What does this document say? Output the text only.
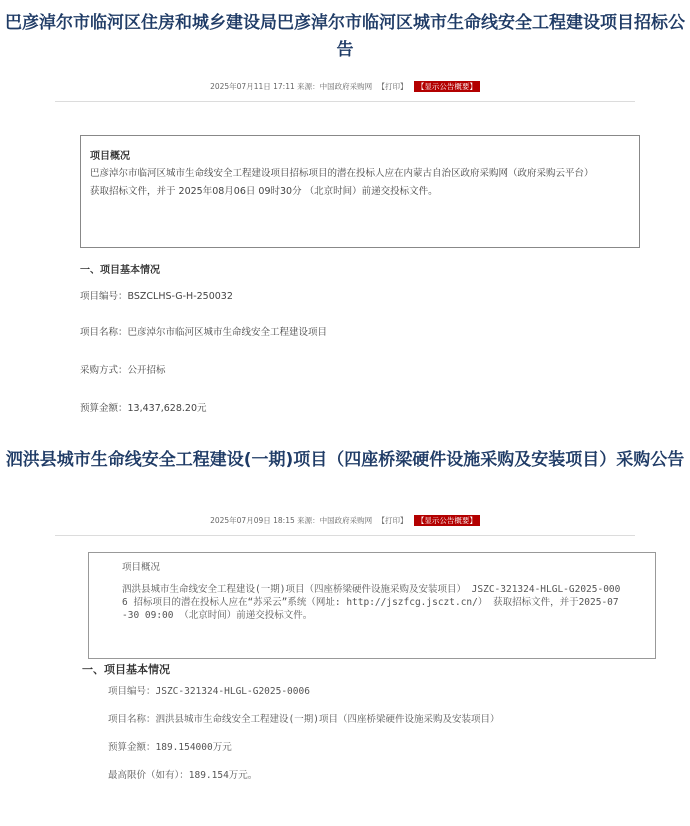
巴彦淖尔市临河区住房和城乡建设局巴彦淖尔市临河区城市生命线安全工程建设项目招标公告
2025年07月11日 17:11 来源：中国政府采购网 【打印】 【显示公告概要】
项目概况
巴彦淖尔市临河区城市生命线安全工程建设项目招标项目的潜在投标人应在内蒙古自治区政府采购网（政府采购云平台）
获取招标文件，并于 2025年08月06日 09时30分 （北京时间）前递交投标文件。
一、项目基本情况
项目编号：BSZCLHS-G-H-250032
项目名称：巴彦淖尔市临河区城市生命线安全工程建设项目
采购方式：公开招标
预算金额：13,437,628.20元
泗洪县城市生命线安全工程建设(一期)项目（四座桥梁硬件设施采购及安装项目）采购公告
2025年07月09日 18:15 来源：中国政府采购网 【打印】 【显示公告概要】
项目概况
泗洪县城市生命线安全工程建设(一期)项目（四座桥梁硬件设施采购及安装项目） JSZC-321324-HLGL-G2025-0006 招标项目的潜在投标人应在“苏采云”系统（网址: http://jszfcg.jsczt.cn/） 获取招标文件，并于2025-07-30 09:00 （北京时间）前递交投标文件。
一、项目基本情况
项目编号：JSZC-321324-HLGL-G2025-0006
项目名称：泗洪县城市生命线安全工程建设(一期)项目（四座桥梁硬件设施采购及安装项目）
预算金额：189.154000万元
最高限价（如有）：189.154万元。
